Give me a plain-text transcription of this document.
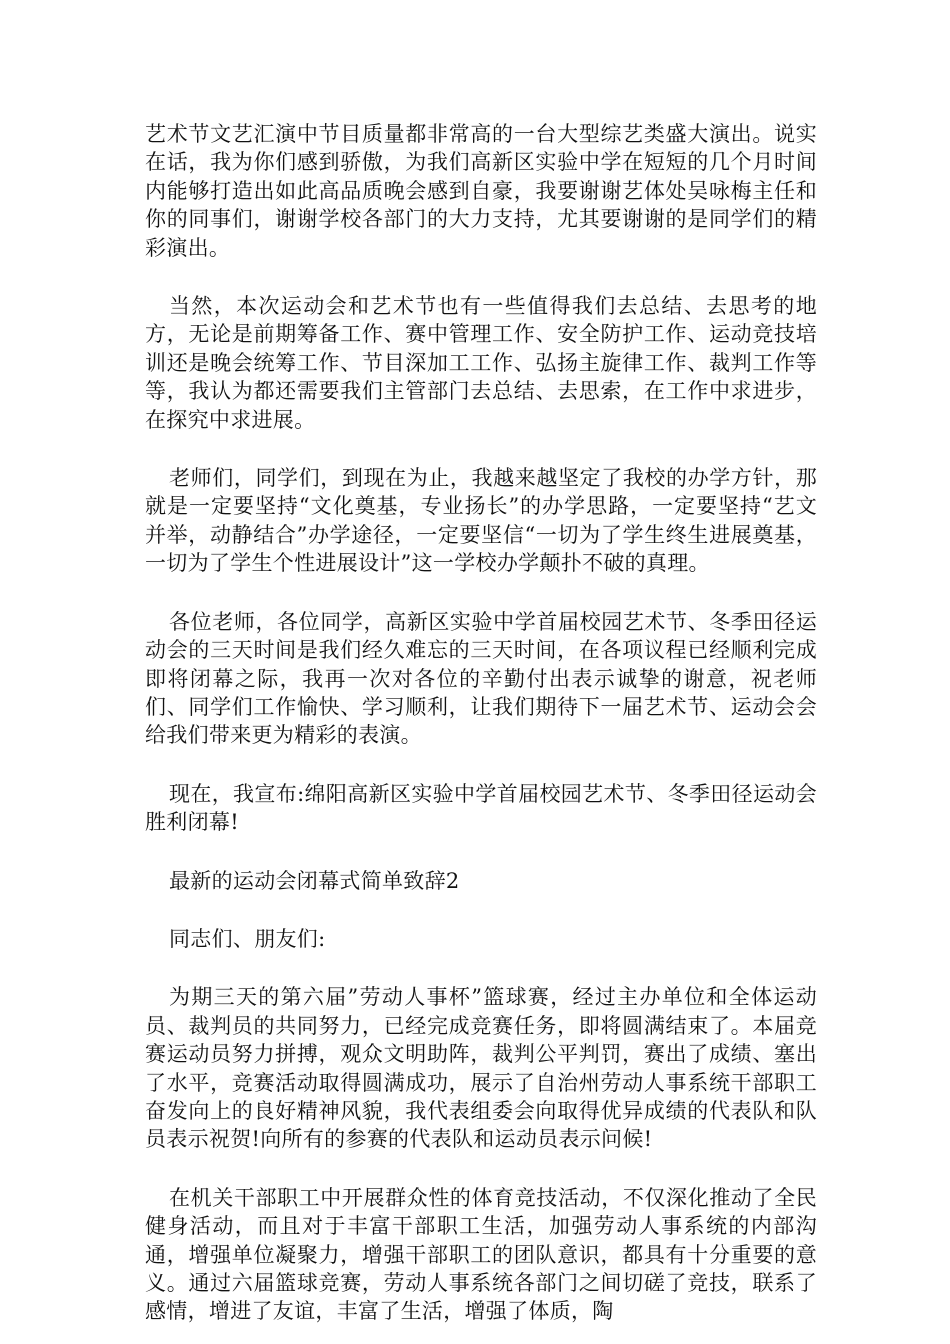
艺术节文艺汇演中节目质量都非常高的一台大型综艺类盛大演出。说实在话，我为你们感到骄傲，为我们高新区实验中学在短短的几个月时间内能够打造出如此高品质晚会感到自豪，我要谢谢艺体处吴咏梅主任和你的同事们，谢谢学校各部门的大力支持，尤其要谢谢的是同学们的精彩演出。

当然，本次运动会和艺术节也有一些值得我们去总结、去思考的地方，无论是前期筹备工作、赛中管理工作、安全防护工作、运动竞技培训还是晚会统筹工作、节目深加工工作、弘扬主旋律工作、裁判工作等等，我认为都还需要我们主管部门去总结、去思索，在工作中求进步，在探究中求进展。

老师们，同学们，到现在为止，我越来越坚定了我校的办学方针，那就是一定要坚持“文化奠基，专业扬长”的办学思路，一定要坚持“艺文并举，动静结合”办学途径，一定要坚信“一切为了学生终生进展奠基，一切为了学生个性进展设计”这一学校办学颠扑不破的真理。

各位老师，各位同学，高新区实验中学首届校园艺术节、冬季田径运动会的三天时间是我们经久难忘的三天时间，在各项议程已经顺利完成即将闭幕之际，我再一次对各位的辛勤付出表示诚挚的谢意，祝老师们、同学们工作愉快、学习顺利，让我们期待下一届艺术节、运动会会给我们带来更为精彩的表演。

现在，我宣布:绵阳高新区实验中学首届校园艺术节、冬季田径运动会胜利闭幕!

最新的运动会闭幕式简单致辞2

同志们、朋友们:

为期三天的第六届”劳动人事杯”篮球赛，经过主办单位和全体运动员、裁判员的共同努力，已经完成竞赛任务，即将圆满结束了。本届竞赛运动员努力拼搏，观众文明助阵，裁判公平判罚，赛出了成绩、塞出了水平，竞赛活动取得圆满成功，展示了自治州劳动人事系统干部职工奋发向上的良好精神风貌，我代表组委会向取得优异成绩的代表队和队员表示祝贺!向所有的参赛的代表队和运动员表示问候!

在机关干部职工中开展群众性的体育竞技活动，不仅深化推动了全民健身活动，而且对于丰富干部职工生活，加强劳动人事系统的内部沟通，增强单位凝聚力，增强干部职工的团队意识，都具有十分重要的意义。通过六届篮球竞赛，劳动人事系统各部门之间切磋了竞技，联系了感情，增进了友谊，丰富了生活，增强了体质，陶
